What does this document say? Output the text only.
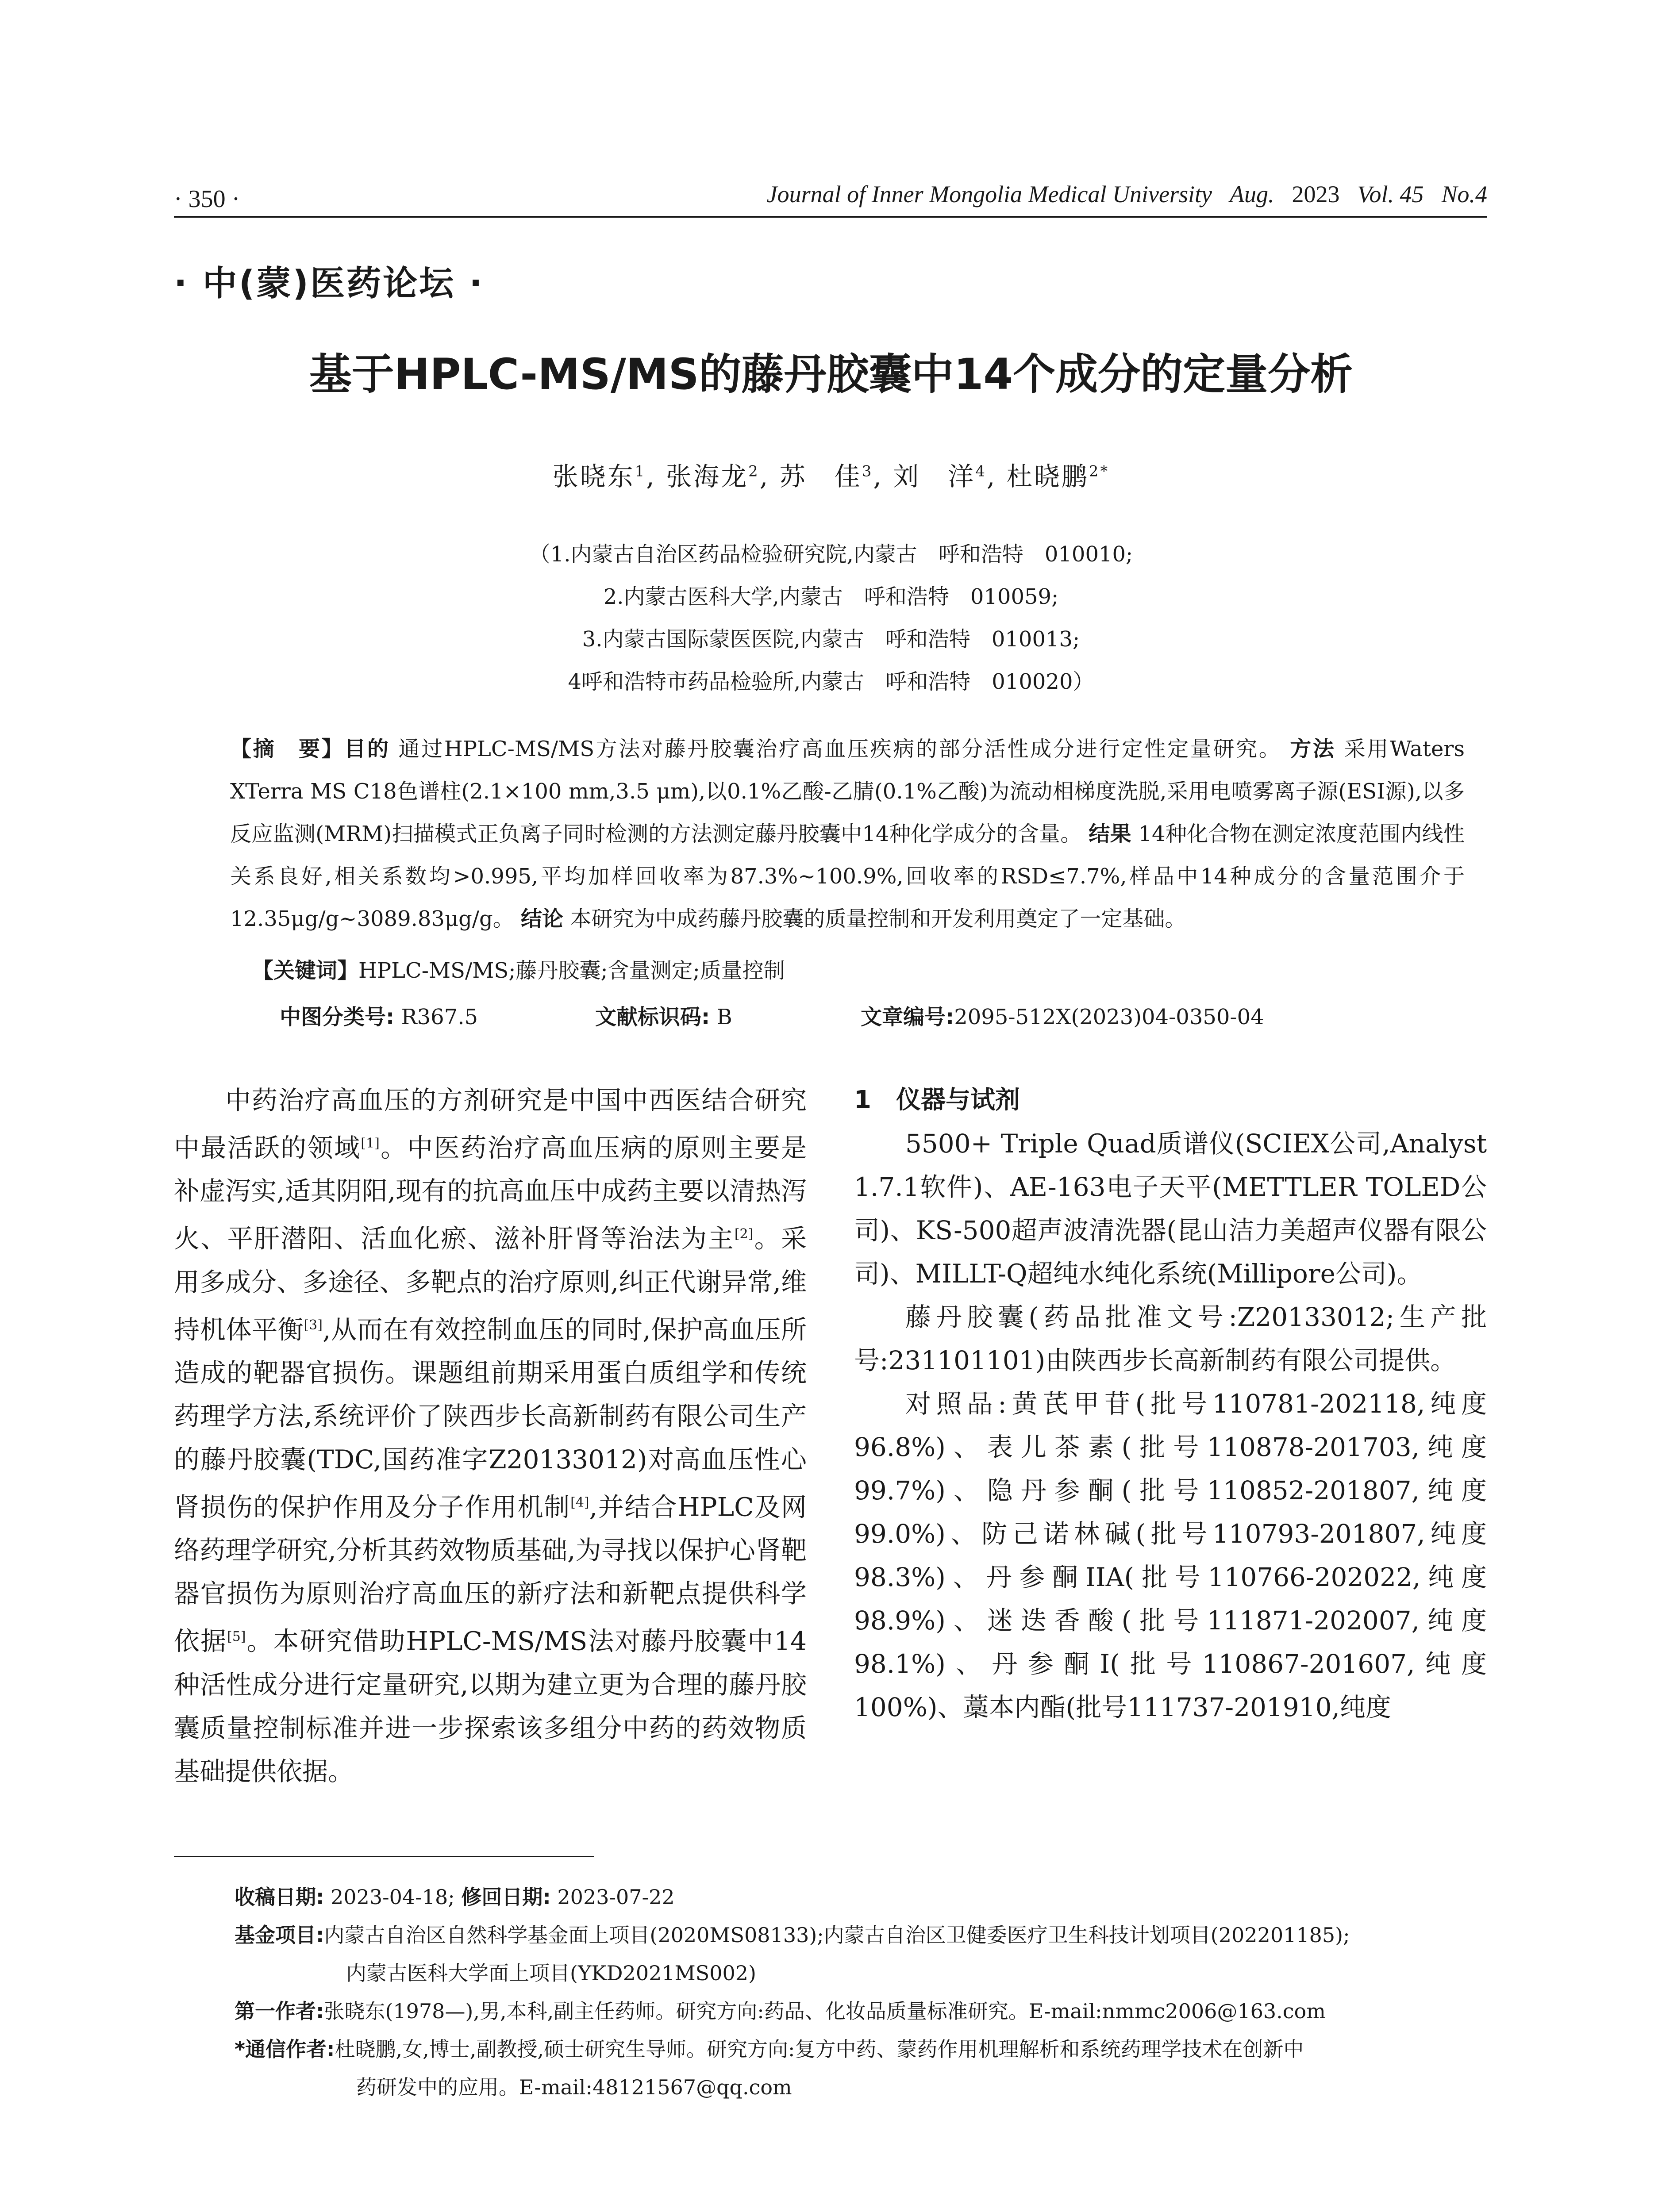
· 350 ·	Journal of Inner Mongolia Medical University Aug. 2023 Vol. 45 No.4
· 中(蒙)医药论坛 ·
基于HPLC-MS/MS的藤丹胶囊中14个成分的定量分析
张晓东$^1$, 张海龙$^2$, 苏　佳$^3$, 刘　洋$^4$, 杜晓鹏$^{2*}$
（1.内蒙古自治区药品检验研究院,内蒙古　呼和浩特　010010;
2.内蒙古医科大学,内蒙古　呼和浩特　010059;
3.内蒙古国际蒙医医院,内蒙古　呼和浩特　010013;
4呼和浩特市药品检验所,内蒙古　呼和浩特　010020）
【摘　要】目的 通过HPLC-MS/MS方法对藤丹胶囊治疗高血压疾病的部分活性成分进行定性定量研究。 方法 采用Waters XTerra MS C18色谱柱(2.1×100 mm,3.5 μm),以0.1%乙酸-乙腈(0.1%乙酸)为流动相梯度洗脱,采用电喷雾离子源(ESI源),以多反应监测(MRM)扫描模式正负离子同时检测的方法测定藤丹胶囊中14种化学成分的含量。 结果 14种化合物在测定浓度范围内线性关系良好,相关系数均>0.995,平均加样回收率为87.3%~100.9%,回收率的RSD≤7.7%,样品中14种成分的含量范围介于12.35μg/g~3089.83μg/g。 结论 本研究为中成药藤丹胶囊的质量控制和开发利用奠定了一定基础。
【关键词】HPLC-MS/MS;藤丹胶囊;含量测定;质量控制
中图分类号: R367.5	文献标识码: B	文章编号:2095-512X(2023)04-0350-04

中药治疗高血压的方剂研究是中国中西医结合研究中最活跃的领域[1]。中医药治疗高血压病的原则主要是补虚泻实,适其阴阳,现有的抗高血压中成药主要以清热泻火、平肝潜阳、活血化瘀、滋补肝肾等治法为主[2]。采用多成分、多途径、多靶点的治疗原则,纠正代谢异常,维持机体平衡[3],从而在有效控制血压的同时,保护高血压所造成的靶器官损伤。课题组前期采用蛋白质组学和传统药理学方法,系统评价了陕西步长高新制药有限公司生产的藤丹胶囊(TDC,国药准字Z20133012)对高血压性心肾损伤的保护作用及分子作用机制[4],并结合HPLC及网络药理学研究,分析其药效物质基础,为寻找以保护心肾靶器官损伤为原则治疗高血压的新疗法和新靶点提供科学依据[5]。本研究借助HPLC-MS/MS法对藤丹胶囊中14种活性成分进行定量研究,以期为建立更为合理的藤丹胶囊质量控制标准并进一步探索该多组分中药的药效物质基础提供依据。

1　仪器与试剂

5500+ Triple Quad质谱仪(SCIEX公司,Analyst 1.7.1软件)、AE-163电子天平(METTLER TOLED公司)、KS-500超声波清洗器(昆山洁力美超声仪器有限公司)、MILLT-Q超纯水纯化系统(Millipore公司)。

藤丹胶囊(药品批准文号:Z20133012;生产批号:231101101)由陕西步长高新制药有限公司提供。

对照品:黄芪甲苷(批号110781-202118,纯度96.8%)、表儿茶素(批号110878-201703,纯度99.7%)、隐丹参酮(批号110852-201807,纯度99.0%)、防己诺林碱(批号110793-201807,纯度98.3%)、丹参酮IIA(批号110766-202022,纯度98.9%)、迷迭香酸(批号111871-202007,纯度98.1%)、丹参酮I(批号110867-201607,纯度100%)、藁本内酯(批号111737-201910,纯度

收稿日期:
2023-04-18;
修回日期:
2023-07-22
基金项目: 内蒙古自治区自然科学基金面上项目(2020MS08133);内蒙古自治区卫健委医疗卫生科技计划项目(202201185);
内蒙古医科大学面上项目(YKD2021MS002)
第一作者: 张晓东(1978—),男,本科,副主任药师。研究方向:药品、化妆品质量标准研究。E-mail:nmmc2006@163.com
*通信作者: 杜晓鹏,女,博士,副教授,硕士研究生导师。研究方向:复方中药、蒙药作用机理解析和系统药理学技术在创新中
药研发中的应用。E-mail:48121567@qq.com
